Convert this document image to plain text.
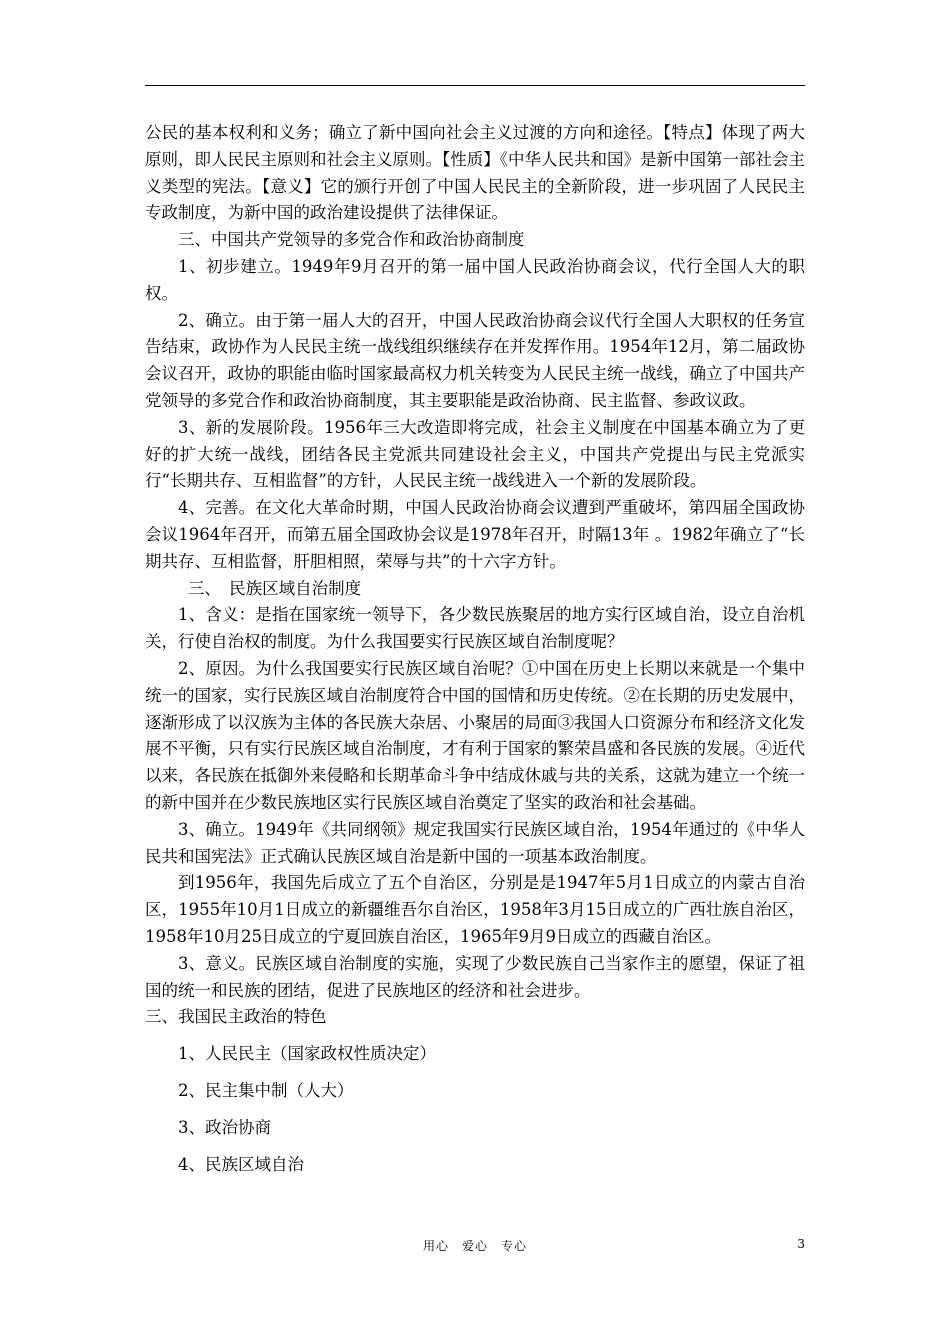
公民的基本权利和义务；确立了新中国向社会主义过渡的方向和途径。【特点】体现了两大原则，即人民民主原则和社会主义原则。【性质】《中华人民共和国》是新中国第一部社会主义类型的宪法。【意义】它的颁行开创了中国人民民主的全新阶段，进一步巩固了人民民主专政制度，为新中国的政治建设提供了法律保证。

三、中国共产党领导的多党合作和政治协商制度

1、初步建立。1949年9月召开的第一届中国人民政治协商会议，代行全国人大的职权。

2、确立。由于第一届人大的召开，中国人民政治协商会议代行全国人大职权的任务宣告结束，政协作为人民民主统一战线组织继续存在并发挥作用。1954年12月，第二届政协会议召开，政协的职能由临时国家最高权力机关转变为人民民主统一战线，确立了中国共产党领导的多党合作和政治协商制度，其主要职能是政治协商、民主监督、参政议政。

3、新的发展阶段。1956年三大改造即将完成，社会主义制度在中国基本确立为了更好的扩大统一战线，团结各民主党派共同建设社会主义，中国共产党提出与民主党派实行“长期共存、互相监督”的方针，人民民主统一战线进入一个新的发展阶段。

4、完善。在文化大革命时期，中国人民政治协商会议遭到严重破坏，第四届全国政协会议1964年召开，而第五届全国政协会议是1978年召开，时隔13年 。1982年确立了“长期共存、互相监督，肝胆相照，荣辱与共”的十六字方针。

三、　民族区域自治制度

1、含义：是指在国家统一领导下，各少数民族聚居的地方实行区域自治，设立自治机关，行使自治权的制度。为什么我国要实行民族区域自治制度呢？

2、原因。为什么我国要实行民族区域自治呢？①中国在历史上长期以来就是一个集中统一的国家，实行民族区域自治制度符合中国的国情和历史传统。②在长期的历史发展中，逐渐形成了以汉族为主体的各民族大杂居、小聚居的局面③我国人口资源分布和经济文化发展不平衡，只有实行民族区域自治制度，才有利于国家的繁荣昌盛和各民族的发展。④近代以来，各民族在抵御外来侵略和长期革命斗争中结成休戚与共的关系，这就为建立一个统一的新中国并在少数民族地区实行民族区域自治奠定了坚实的政治和社会基础。

3、确立。1949年《共同纲领》规定我国实行民族区域自治，1954年通过的《中华人民共和国宪法》正式确认民族区域自治是新中国的一项基本政治制度。

到1956年，我国先后成立了五个自治区，分别是是1947年5月1日成立的内蒙古自治区，1955年10月1日成立的新疆维吾尔自治区，1958年3月15日成立的广西壮族自治区，1958年10月25日成立的宁夏回族自治区，1965年9月9日成立的西藏自治区。

3、意义。民族区域自治制度的实施，实现了少数民族自己当家作主的愿望，保证了祖国的统一和民族的团结，促进了民族地区的经济和社会进步。

三、我国民主政治的特色

1、人民民主（国家政权性质决定）

2、民主集中制（人大）

3、政治协商

4、民族区域自治

用心　爱心　专心	3
